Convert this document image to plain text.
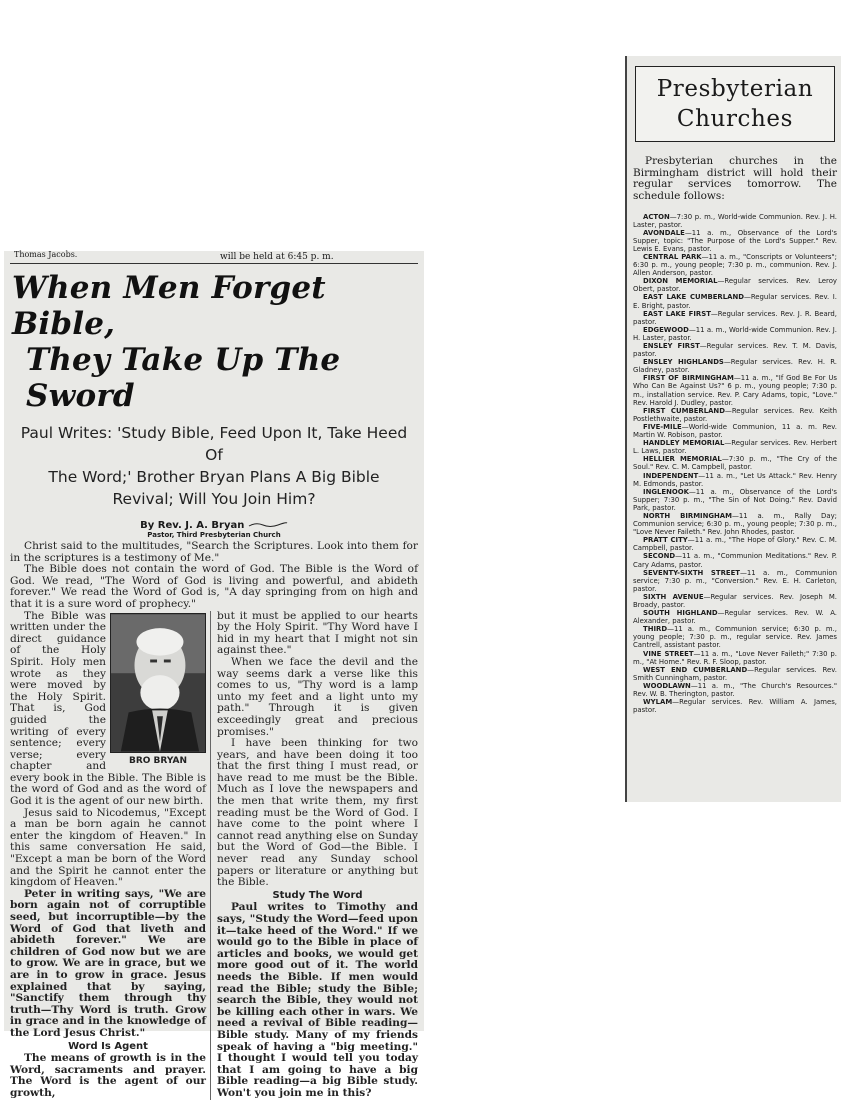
Thomas Jacobs.	will be held at 6:45 p. m.
When Men Forget Bible,
They Take Up The Sword
Paul Writes: 'Study Bible, Feed Upon It, Take Heed Of
The Word;' Brother Bryan Plans A Big Bible
Revival; Will You Join Him?
By Rev. J. A. Bryan
Pastor, Third Presbyterian Church

Christ said to the multitudes, "Search the Scriptures. Look into them for in the scriptures is a testimony of Me."

The Bible does not contain the word of God. The Bible is the Word of God. We read, "The Word of God is living and powerful, and abideth forever." We read the Word of God is, "A day springing from on high and that it is a sure word of prophecy."

BRO BRYAN

The Bible was written under the direct guidance of the Holy Spirit. Holy men wrote as they were moved by the Holy Spirit. That is, God guided the writing of every sentence; every verse; every chapter and every book in the Bible. The Bible is the word of God and as the word of God it is the agent of our new birth.

Jesus said to Nicodemus, "Except a man be born again he cannot enter the kingdom of Heaven." In this same conversation He said, "Except a man be born of the Word and the Spirit he cannot enter the kingdom of Heaven."

Peter in writing says, "We are born again not of corruptible seed, but incorruptible—by the Word of God that liveth and abideth forever." We are children of God now but we are to grow. We are in grace, but we are in to grow in grace. Jesus explained that by saying, "Sanctify them through thy truth—Thy Word is truth. Grow in grace and in the knowledge of the Lord Jesus Christ."

Word Is Agent

The means of growth is in the Word, sacraments and prayer. The Word is the agent of our growth,

but it must be applied to our hearts by the Holy Spirit. "Thy Word have I hid in my heart that I might not sin against thee."

When we face the devil and the way seems dark a verse like this comes to us, "Thy word is a lamp unto my feet and a light unto my path." Through it is given exceedingly great and precious promises."

I have been thinking for two years, and have been doing it too that the first thing I must read, or have read to me must be the Bible. Much as I love the newspapers and the men that write them, my first reading must be the Word of God. I have come to the point where I cannot read anything else on Sunday but the Word of God—the Bible. I never read any Sunday school papers or literature or anything but the Bible.

Study The Word

Paul writes to Timothy and says, "Study the Word—feed upon it—take heed of the Word." If we would go to the Bible in place of articles and books, we would get more good out of it. The world needs the Bible. If men would read the Bible; study the Bible; search the Bible, they would not be killing each other in wars. We need a revival of Bible reading—Bible study. Many of my friends speak of having a "big meeting." I thought I would tell you today that I am going to have a big Bible reading—a big Bible study. Won't you join me in this?

Presbyterian
Churches

Presbyterian churches in the Birmingham district will hold their regular services tomorrow. The schedule follows:

ACTON—7:30 p. m., World-wide Communion. Rev. J. H. Laster, pastor.

AVONDALE—11 a. m., Observance of the Lord's Supper, topic: "The Purpose of the Lord's Supper." Rev. Lewis E. Evans, pastor.

CENTRAL PARK—11 a. m., "Conscripts or Volunteers"; 6:30 p. m., young people; 7:30 p. m., communion. Rev. J. Allen Anderson, pastor.

DIXON MEMORIAL—Regular services. Rev. Leroy Obert, pastor.

EAST LAKE CUMBERLAND—Regular services. Rev. I. E. Bright, pastor.

EAST LAKE FIRST—Regular services. Rev. J. R. Beard, pastor.

EDGEWOOD—11 a. m., World-wide Communion. Rev. J. H. Laster, pastor.

ENSLEY FIRST—Regular services. Rev. T. M. Davis, pastor.

ENSLEY HIGHLANDS—Regular services. Rev. H. R. Gladney, pastor.

FIRST OF BIRMINGHAM—11 a. m., "If God Be For Us Who Can Be Against Us?" 6 p. m., young people; 7:30 p. m., installation service. Rev. P. Cary Adams, topic, "Love." Rev. Harold J. Dudley, pastor.

FIRST CUMBERLAND—Regular services. Rev. Keith Postlethwaite, pastor.

FIVE-MILE—World-wide Communion, 11 a. m. Rev. Martin W. Robison, pastor.

HANDLEY MEMORIAL—Regular services. Rev. Herbert L. Laws, pastor.

HELLIER MEMORIAL—7:30 p. m., "The Cry of the Soul." Rev. C. M. Campbell, pastor.

INDEPENDENT—11 a. m., "Let Us Attack." Rev. Henry M. Edmonds, pastor.

INGLENOOK—11 a. m., Observance of the Lord's Supper; 7:30 p. m., "The Sin of Not Doing." Rev. David Park, pastor.

NORTH BIRMINGHAM—11 a. m., Rally Day; Communion service; 6:30 p. m., young people; 7:30 p. m., "Love Never Faileth." Rev. John Rhodes, pastor.

PRATT CITY—11 a. m., "The Hope of Glory." Rev. C. M. Campbell, pastor.

SECOND—11 a. m., "Communion Meditations." Rev. P. Cary Adams, pastor.

SEVENTY-SIXTH STREET—11 a. m., Communion service; 7:30 p. m., "Conversion." Rev. E. H. Carleton, pastor.

SIXTH AVENUE—Regular services. Rev. Joseph M. Broady, pastor.

SOUTH HIGHLAND—Regular services. Rev. W. A. Alexander, pastor.

THIRD—11 a. m., Communion service; 6:30 p. m., young people; 7:30 p. m., regular service. Rev. James Cantrell, assistant pastor.

VINE STREET—11 a. m., "Love Never Faileth;" 7:30 p. m., "At Home." Rev. R. F. Sloop, pastor.

WEST END CUMBERLAND—Regular services. Rev. Smith Cunningham, pastor.

WOODLAWN—11 a. m., "The Church's Resources." Rev. W. B. Therington, pastor.

WYLAM—Regular services. Rev. William A. James, pastor.
